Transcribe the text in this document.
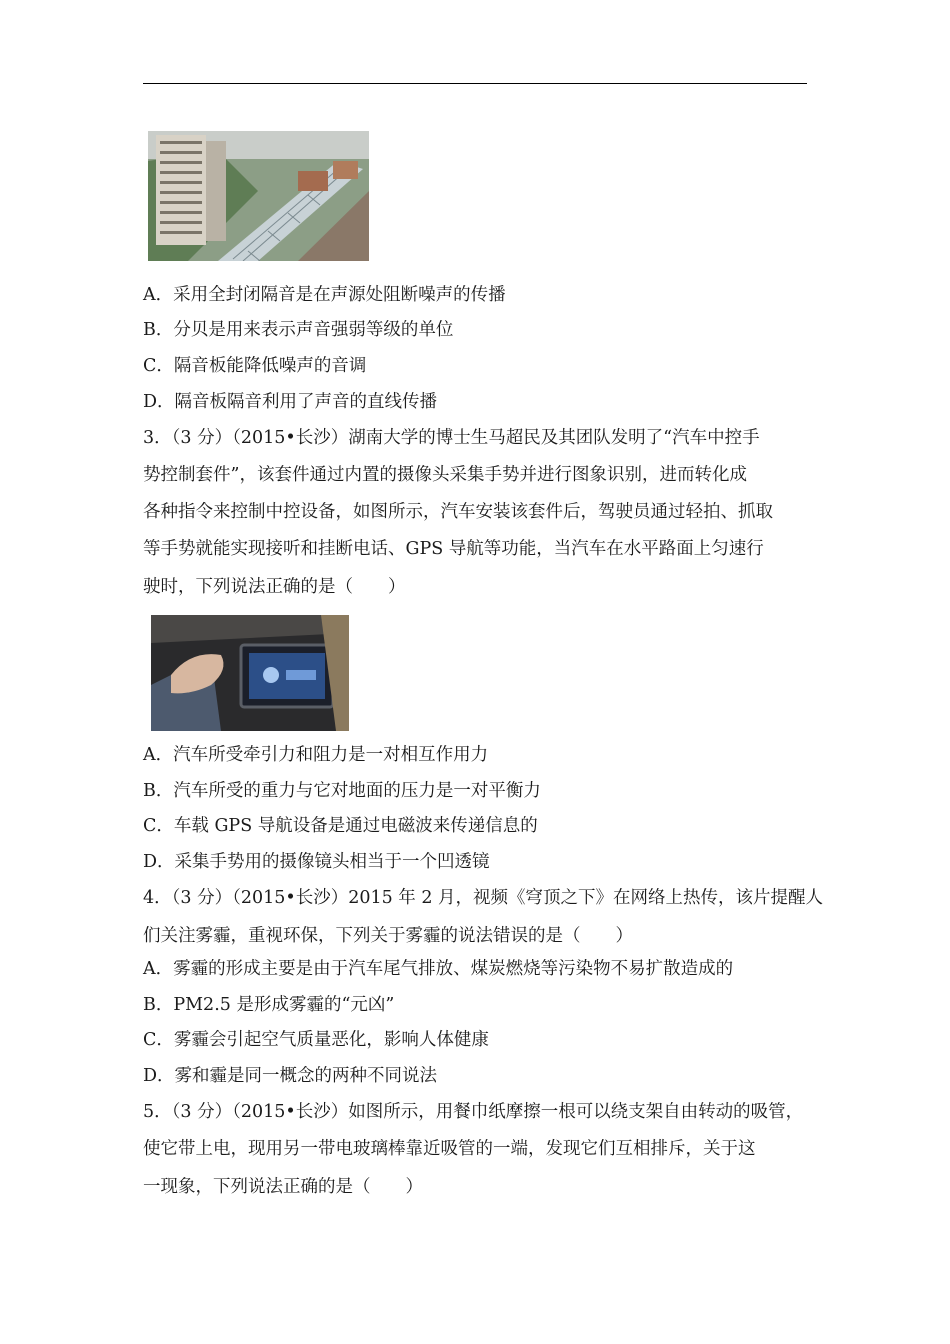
A．采用全封闭隔音是在声源处阻断噪声的传播
B．分贝是用来表示声音强弱等级的单位
C．隔音板能降低噪声的音调
D．隔音板隔音利用了声音的直线传播
3．（3 分）（2015•长沙）湖南大学的博士生马超民及其团队发明了“汽车中控手
势控制套件”，该套件通过内置的摄像头采集手势并进行图象识别，进而转化成
各种指令来控制中控设备，如图所示，汽车安装该套件后，驾驶员通过轻拍、抓取
等手势就能实现接听和挂断电话、GPS 导航等功能，当汽车在水平路面上匀速行
驶时，下列说法正确的是（　　）
A．汽车所受牵引力和阻力是一对相互作用力
B．汽车所受的重力与它对地面的压力是一对平衡力
C．车载 GPS 导航设备是通过电磁波来传递信息的
D．采集手势用的摄像镜头相当于一个凹透镜
4．（3 分）（2015•长沙）2015 年 2 月，视频《穹顶之下》在网络上热传，该片提醒人
们关注雾霾，重视环保，下列关于雾霾的说法错误的是（　　）
A．雾霾的形成主要是由于汽车尾气排放、煤炭燃烧等污染物不易扩散造成的
B．PM2.5 是形成雾霾的“元凶”
C．雾霾会引起空气质量恶化，影响人体健康
D．雾和霾是同一概念的两种不同说法
5．（3 分）（2015•长沙）如图所示，用餐巾纸摩擦一根可以绕支架自由转动的吸管，
使它带上电，现用另一带电玻璃棒靠近吸管的一端，发现它们互相排斥，关于这
一现象，下列说法正确的是（　　）
